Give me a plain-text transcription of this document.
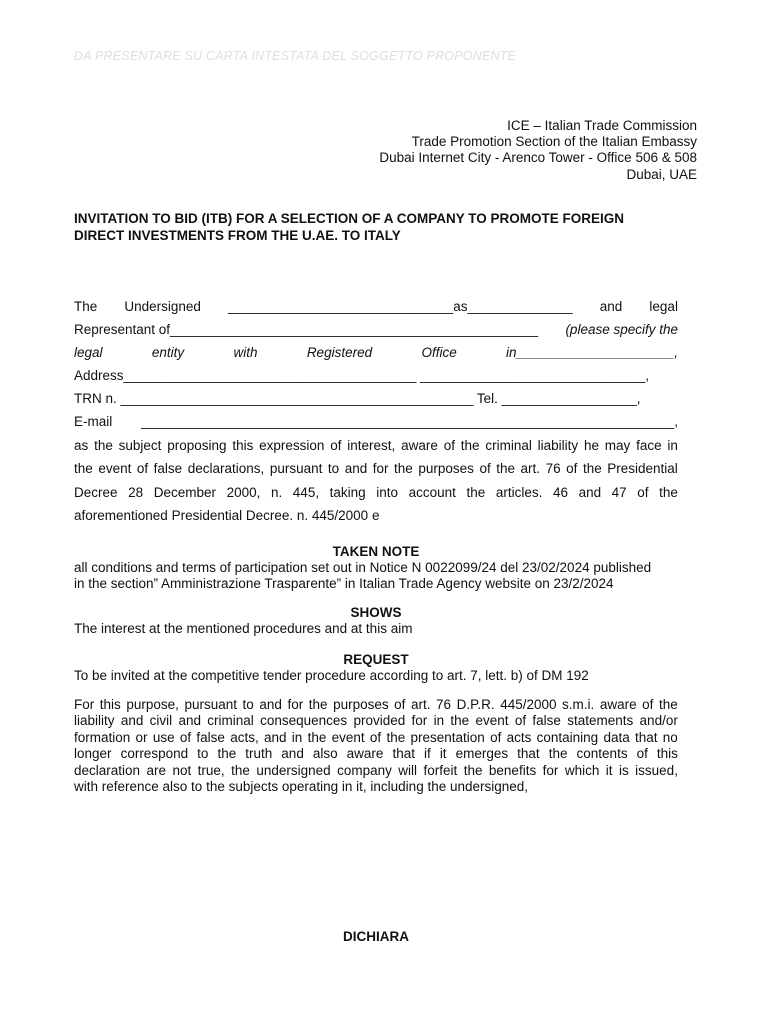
DA PRESENTARE SU CARTA INTESTATA DEL SOGGETTO PROPONENTE
ICE – Italian Trade Commission
Trade Promotion Section of the Italian Embassy
Dubai Internet City - Arenco Tower - Office 506 & 508
Dubai, UAE
INVITATION TO BID (ITB) FOR A SELECTION OF A COMPANY TO PROMOTE FOREIGN
DIRECT INVESTMENTS FROM THE U.AE. TO ITALY
The Undersigned ______________________________as______________ and legal
Representant of_________________________________________________ (please specify the
legal	entity	with	Registered	Office	in_____________________,
Address_______________________________________ ______________________________,
TRN n. _______________________________________________ Tel. __________________,
E-mail _______________________________________________________________________,
as the subject proposing this expression of interest, aware of the criminal liability he may face in
the event of false declarations, pursuant to and for the purposes of the art. 76 of the Presidential
Decree 28 December 2000, n. 445, taking into account the articles. 46 and 47 of the
aforementioned Presidential Decree. n. 445/2000 e
TAKEN NOTE
all conditions and terms of participation set out in Notice N 0022099/24 del 23/02/2024 published
in the section” Amministrazione Trasparente” in Italian Trade Agency website on 23/2/2024
SHOWS
The interest at the mentioned procedures and at this aim
REQUEST
To be invited at the competitive tender procedure according to art. 7, lett. b) of DM 192
For this purpose, pursuant to and for the purposes of art. 76 D.P.R. 445/2000 s.m.i. aware of the
liability and civil and criminal consequences provided for in the event of false statements and/or
formation or use of false acts, and in the event of the presentation of acts containing data that no
longer correspond to the truth and also aware that if it emerges that the contents of this
declaration are not true, the undersigned company will forfeit the benefits for which it is issued,
with reference also to the subjects operating in it, including the undersigned,
DICHIARA
